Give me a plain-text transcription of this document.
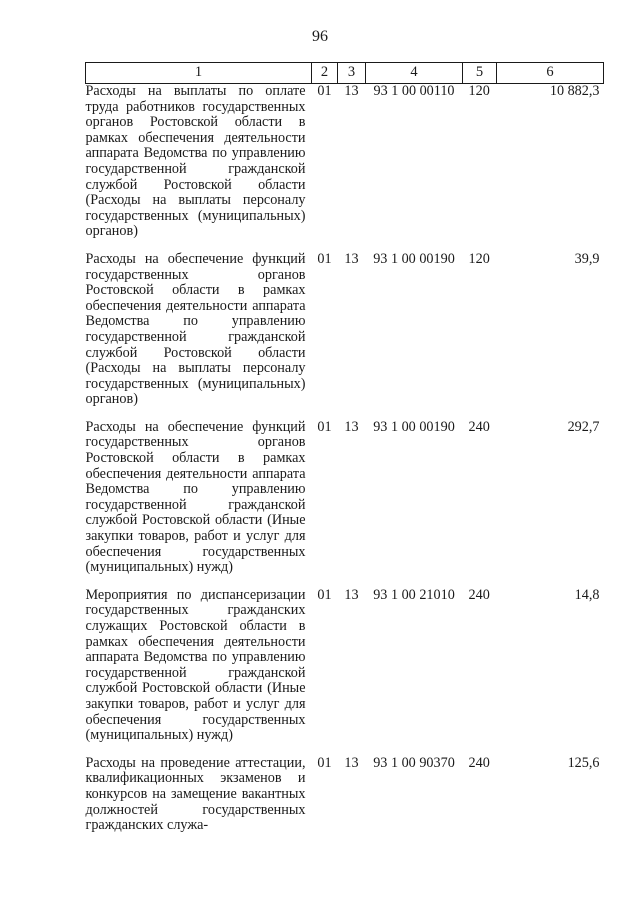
96
1	2	3	4	5	6
Расходы на выплаты по оплате труда работников государственных органов Ростовской области в рамках обеспечения деятельности аппарата Ведомства по управлению государственной гражданской службой Ростовской области (Расходы на выплаты персоналу государственных (муниципальных) органов)	01	13	93 1 00 00110	120	10 882,3
Расходы на обеспечение функций государственных органов Ростовской области в рамках обеспечения деятельности аппарата Ведомства по управлению государственной гражданской службой Ростовской области (Расходы на выплаты персоналу государственных (муниципальных) органов)	01	13	93 1 00 00190	120	39,9
Расходы на обеспечение функций государственных органов Ростовской области в рамках обеспечения деятельности аппарата Ведомства по управлению государственной гражданской службой Ростовской области (Иные закупки товаров, работ и услуг для обеспечения государственных (муниципальных) нужд)	01	13	93 1 00 00190	240	292,7
Мероприятия по диспансеризации государственных гражданских служащих Ростовской области в рамках обеспечения деятельности аппарата Ведомства по управлению государственной гражданской службой Ростовской области (Иные закупки товаров, работ и услуг для обеспечения государственных (муниципальных) нужд)	01	13	93 1 00 21010	240	14,8
Расходы на проведение аттестации, квалификационных экзаменов и конкурсов на замещение вакантных должностей государственных гражданских служа-	01	13	93 1 00 90370	240	125,6
